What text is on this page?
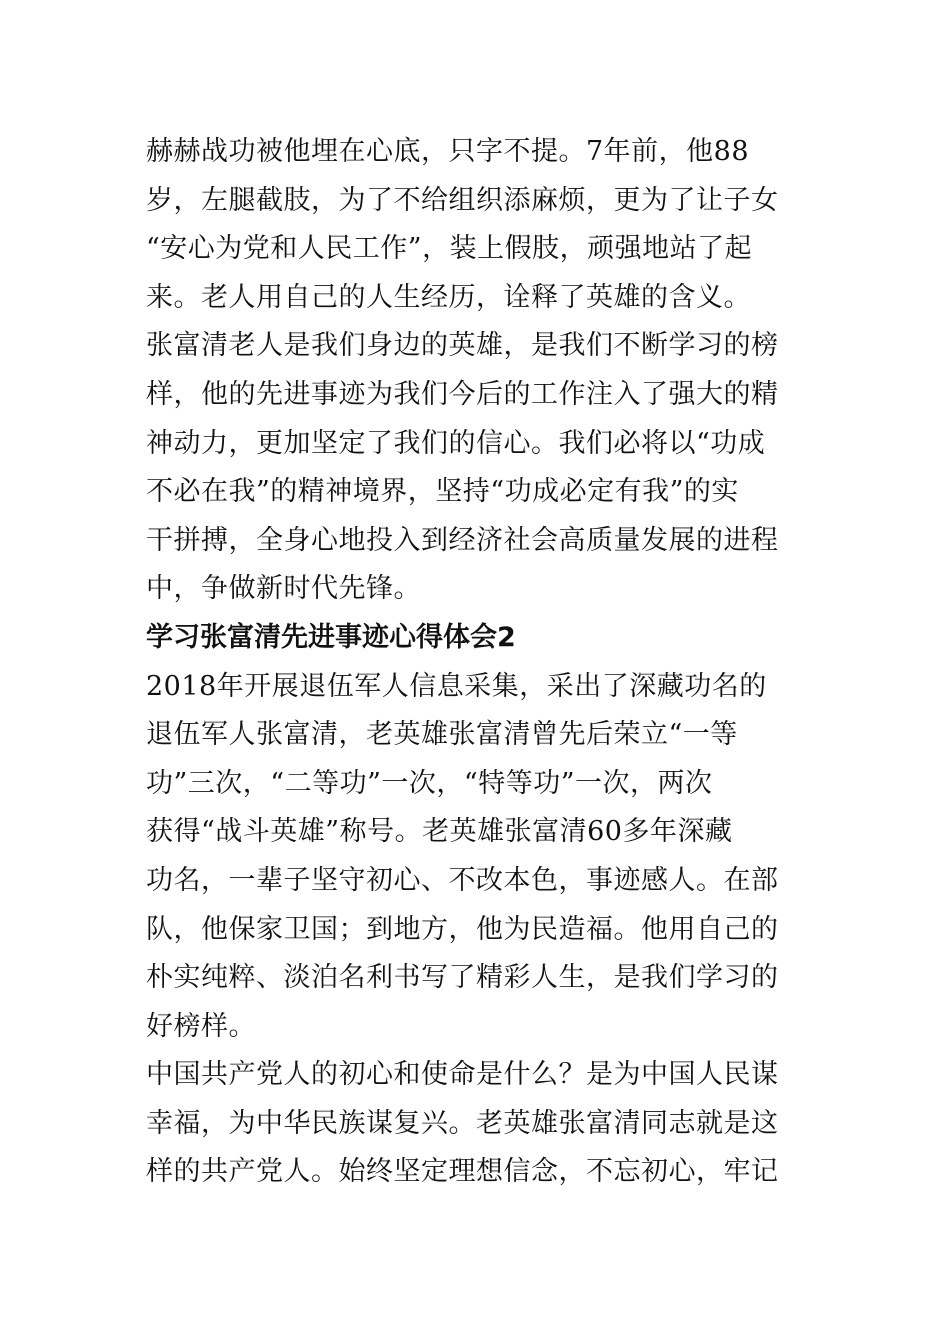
赫赫战功被他埋在心底，只字不提。7年前，他88
岁，左腿截肢，为了不给组织添麻烦，更为了让子女
“安心为党和人民工作”，装上假肢，顽强地站了起
来。老人用自己的人生经历，诠释了英雄的含义。
张富清老人是我们身边的英雄，是我们不断学习的榜
样，他的先进事迹为我们今后的工作注入了强大的精
神动力，更加坚定了我们的信心。我们必将以“功成
不必在我”的精神境界，坚持“功成必定有我”的实
干拼搏，全身心地投入到经济社会高质量发展的进程
中，争做新时代先锋。
学习张富清先进事迹心得体会2
2018年开展退伍军人信息采集，采出了深藏功名的
退伍军人张富清，老英雄张富清曾先后荣立“一等
功”三次，“二等功”一次，“特等功”一次，两次
获得“战斗英雄”称号。老英雄张富清60多年深藏
功名，一辈子坚守初心、不改本色，事迹感人。在部
队，他保家卫国；到地方，他为民造福。他用自己的
朴实纯粹、淡泊名利书写了精彩人生，是我们学习的
好榜样。
中国共产党人的初心和使命是什么？是为中国人民谋
幸福，为中华民族谋复兴。老英雄张富清同志就是这
样的共产党人。始终坚定理想信念，不忘初心，牢记
